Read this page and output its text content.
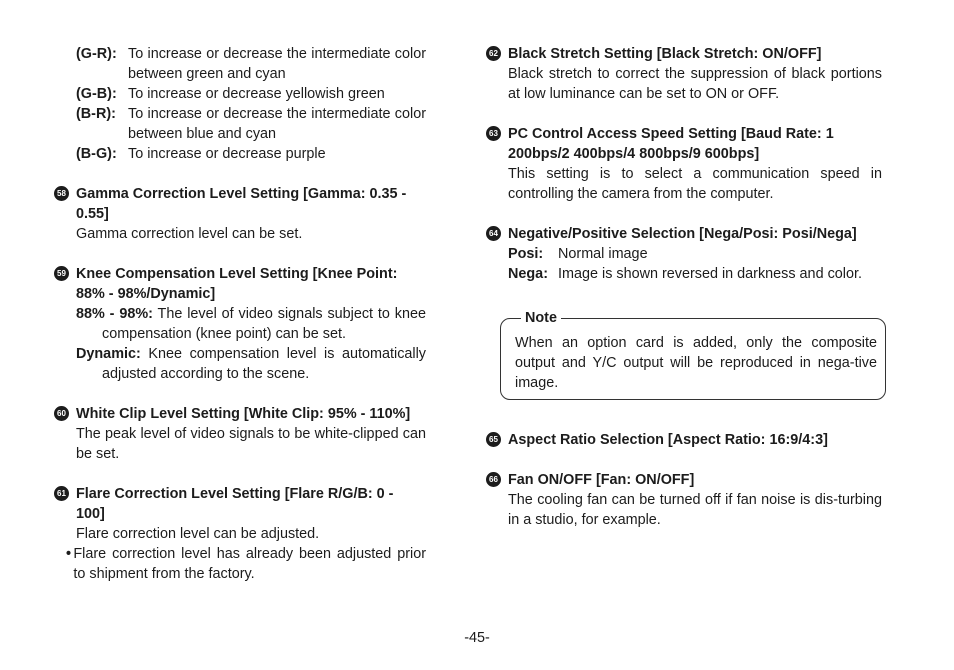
(G-R): To increase or decrease the intermediate color between green and cyan
(G-B): To increase or decrease yellowish green
(B-R): To increase or decrease the intermediate color between blue and cyan
(B-G): To increase or decrease purple
58 Gamma Correction Level Setting [Gamma: 0.35 - 0.55]
Gamma correction level can be set.
59 Knee Compensation Level Setting [Knee Point: 88% - 98%/Dynamic]
88% - 98%: The level of video signals subject to knee compensation (knee point) can be set.
Dynamic: Knee compensation level is automatically adjusted according to the scene.
60 White Clip Level Setting [White Clip: 95% - 110%]
The peak level of video signals to be white-clipped can be set.
61 Flare Correction Level Setting [Flare R/G/B: 0 - 100]
Flare correction level can be adjusted.
• Flare correction level has already been adjusted prior to shipment from the factory.
62 Black Stretch Setting [Black Stretch: ON/OFF]
Black stretch to correct the suppression of black portions at low luminance can be set to ON or OFF.
63 PC Control Access Speed Setting [Baud Rate: 1 200bps/2 400bps/4 800bps/9 600bps]
This setting is to select a communication speed in controlling the camera from the computer.
64 Negative/Positive Selection [Nega/Posi: Posi/Nega]
Posi:	Normal image
Nega: Image is shown reversed in darkness and color.
Note
When an option card is added, only the composite output and Y/C output will be reproduced in nega-tive image.
65 Aspect Ratio Selection [Aspect Ratio: 16:9/4:3]
66 Fan ON/OFF [Fan: ON/OFF]
The cooling fan can be turned off if fan noise is dis-turbing in a studio, for example.
-45-
